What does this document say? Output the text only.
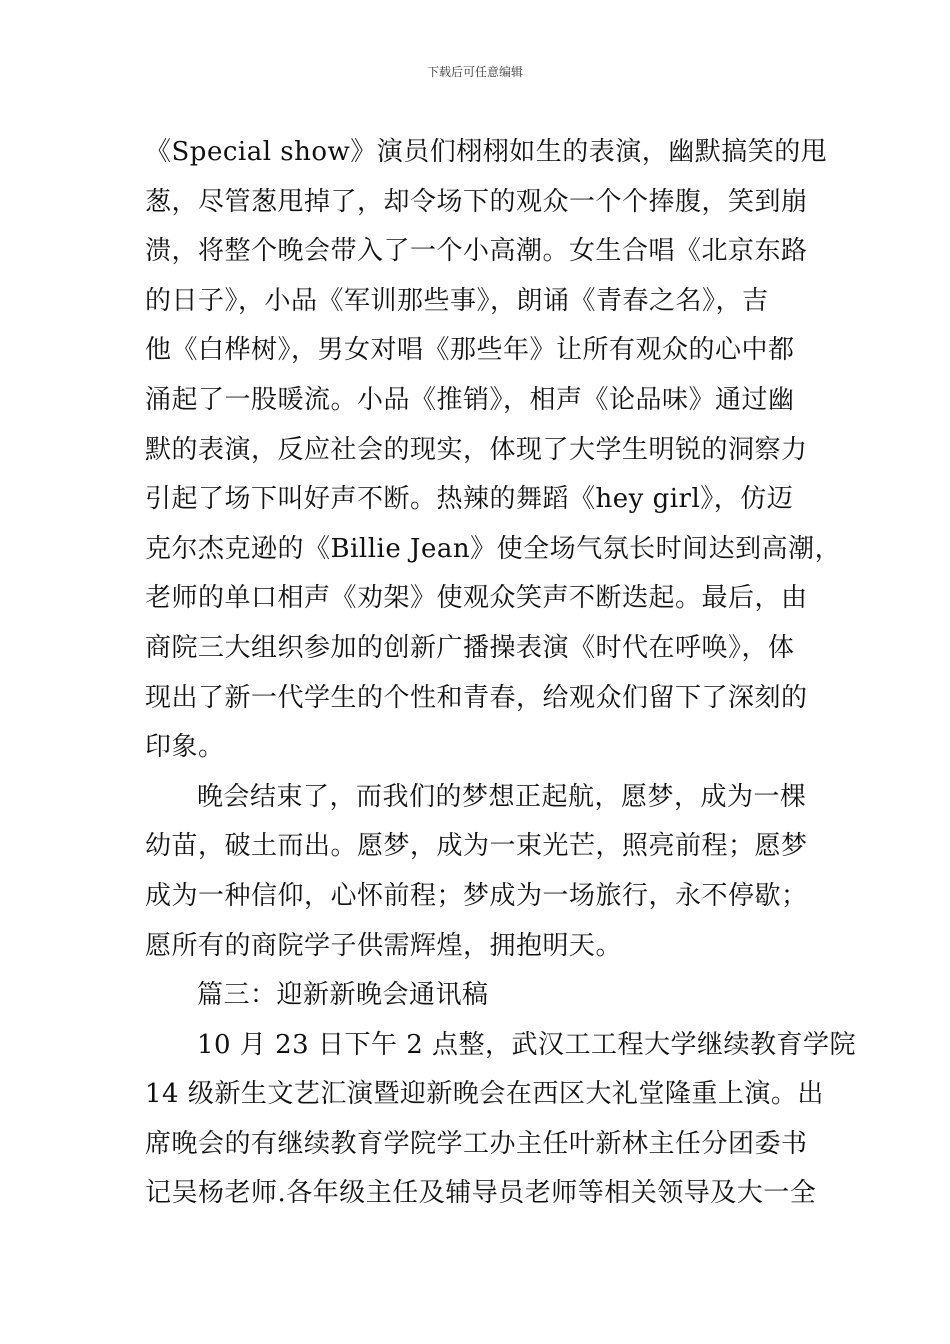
下载后可任意编辑
《Special show》演员们栩栩如生的表演，幽默搞笑的甩
葱，尽管葱甩掉了，却令场下的观众一个个捧腹，笑到崩
溃，将整个晚会带入了一个小高潮。女生合唱《北京东路
的日子》，小品《军训那些事》，朗诵《青春之名》，吉
他《白桦树》，男女对唱《那些年》让所有观众的心中都
涌起了一股暖流。小品《推销》，相声《论品味》通过幽
默的表演，反应社会的现实，体现了大学生明锐的洞察力
引起了场下叫好声不断。热辣的舞蹈《hey girl》，仿迈
克尔杰克逊的《Billie Jean》使全场气氛长时间达到高潮，
老师的单口相声《劝架》使观众笑声不断迭起。最后，由
商院三大组织参加的创新广播操表演《时代在呼唤》，体
现出了新一代学生的个性和青春，给观众们留下了深刻的
印象。
晚会结束了，而我们的梦想正起航，愿梦，成为一棵
幼苗，破土而出。愿梦，成为一束光芒，照亮前程；愿梦
成为一种信仰，心怀前程；梦成为一场旅行，永不停歇；
愿所有的商院学子供需辉煌，拥抱明天。
篇三：迎新新晚会通讯稿
10 月 23 日下午 2 点整，武汉工工程大学继续教育学院
14 级新生文艺汇演暨迎新晚会在西区大礼堂隆重上演。出
席晚会的有继续教育学院学工办主任叶新林主任分团委书
记吴杨老师.各年级主任及辅导员老师等相关领导及大一全
